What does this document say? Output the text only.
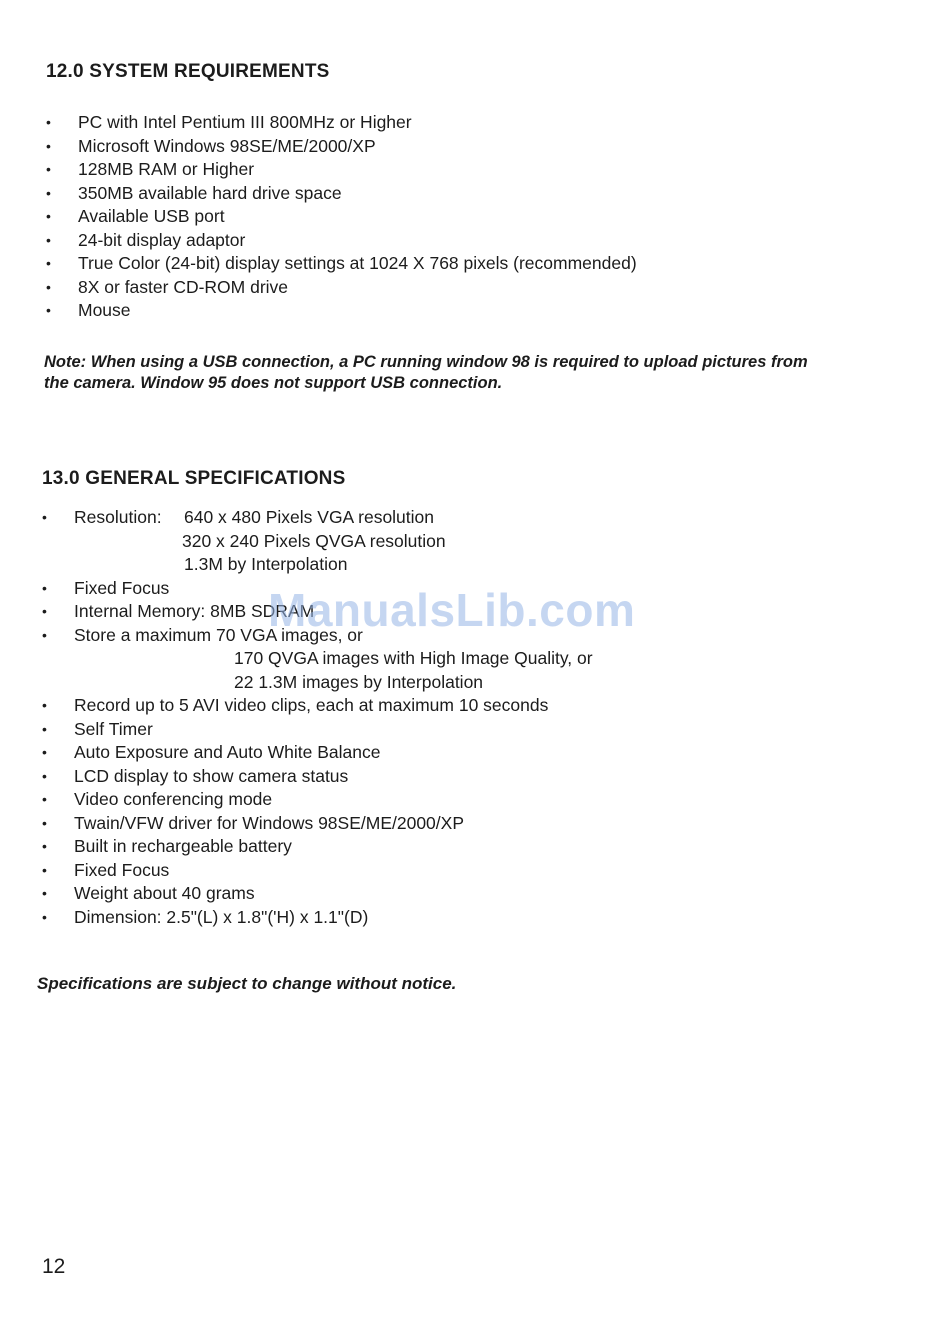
12.0 SYSTEM REQUIREMENTS
• PC with Intel Pentium III 800MHz or Higher
• Microsoft Windows 98SE/ME/2000/XP
• 128MB RAM or Higher
• 350MB available hard drive space
• Available USB port
• 24-bit display adaptor
• True Color (24-bit) display settings at 1024 X 768 pixels (recommended)
• 8X or faster CD-ROM drive
• Mouse

Note: When using a USB connection, a PC running window 98 is required to upload pictures from
the camera. Window 95 does not support USB connection.

13.0 GENERAL SPECIFICATIONS
• Resolution: 640 x 480 Pixels VGA resolution
320 x 240 Pixels QVGA resolution
1.3M by Interpolation
• Fixed Focus
• Internal Memory: 8MB SDRAM
• Store a maximum 70 VGA images, or
170 QVGA images with High Image Quality, or
22 1.3M images by Interpolation
• Record up to 5 AVI video clips, each at maximum 10 seconds
• Self Timer
• Auto Exposure and Auto White Balance
• LCD display to show camera status
• Video conferencing mode
• Twain/VFW driver for Windows 98SE/ME/2000/XP
• Built in rechargeable battery
• Fixed Focus
• Weight about 40 grams
• Dimension: 2.5"(L) x 1.8"('H) x 1.1"(D)

Specifications are subject to change without notice.

12
ManualsLib.com
